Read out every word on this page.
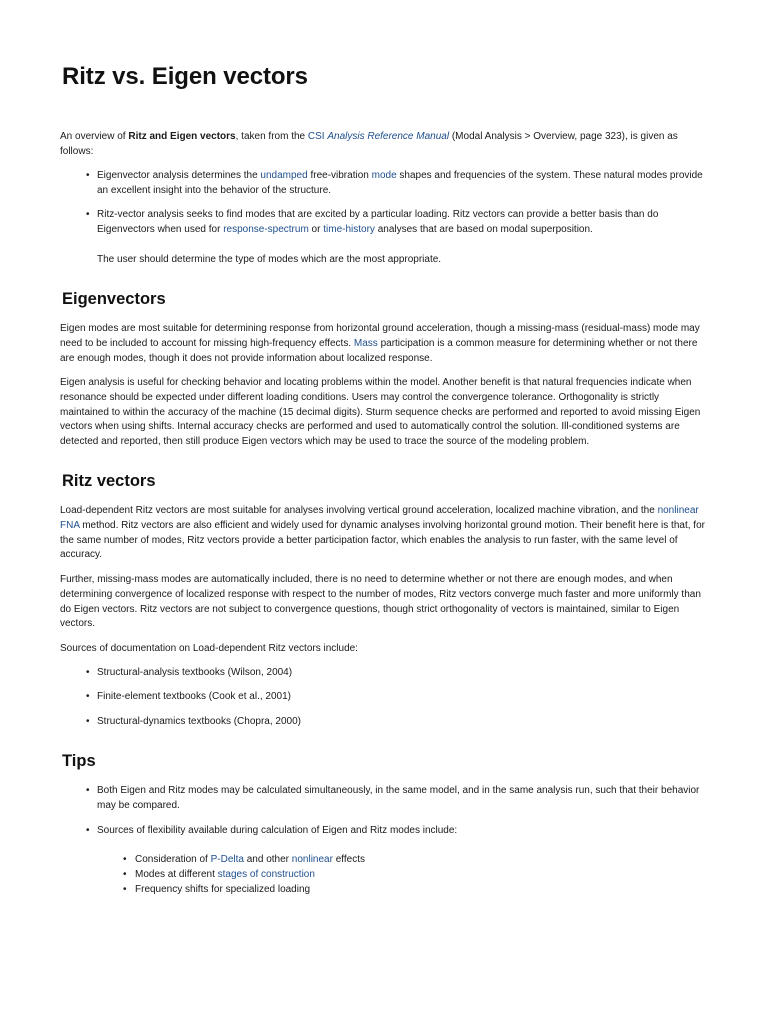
Ritz vs. Eigen vectors

An overview of Ritz and Eigen vectors, taken from the CSI Analysis Reference Manual (Modal Analysis > Overview, page 323), is given as follows:

• Eigenvector analysis determines the undamped free-vibration mode shapes and frequencies of the system. These natural modes provide an excellent insight into the behavior of the structure.

• Ritz-vector analysis seeks to find modes that are excited by a particular loading. Ritz vectors can provide a better basis than do Eigenvectors when used for response-spectrum or time-history analyses that are based on modal superposition.

The user should determine the type of modes which are the most appropriate.

Eigenvectors

Eigen modes are most suitable for determining response from horizontal ground acceleration, though a missing-mass (residual-mass) mode may need to be included to account for missing high-frequency effects. Mass participation is a common measure for determining whether or not there are enough modes, though it does not provide information about localized response.

Eigen analysis is useful for checking behavior and locating problems within the model. Another benefit is that natural frequencies indicate when resonance should be expected under different loading conditions. Users may control the convergence tolerance. Orthogonality is strictly maintained to within the accuracy of the machine (15 decimal digits). Sturm sequence checks are performed and reported to avoid missing Eigen vectors when using shifts. Internal accuracy checks are performed and used to automatically control the solution. Ill-conditioned systems are detected and reported, then still produce Eigen vectors which may be used to trace the source of the modeling problem.

Ritz vectors

Load-dependent Ritz vectors are most suitable for analyses involving vertical ground acceleration, localized machine vibration, and the nonlinear FNA method. Ritz vectors are also efficient and widely used for dynamic analyses involving horizontal ground motion. Their benefit here is that, for the same number of modes, Ritz vectors provide a better participation factor, which enables the analysis to run faster, with the same level of accuracy.

Further, missing-mass modes are automatically included, there is no need to determine whether or not there are enough modes, and when determining convergence of localized response with respect to the number of modes, Ritz vectors converge much faster and more uniformly than do Eigen vectors. Ritz vectors are not subject to convergence questions, though strict orthogonality of vectors is maintained, similar to Eigen vectors.

Sources of documentation on Load-dependent Ritz vectors include:

• Structural-analysis textbooks (Wilson, 2004)

• Finite-element textbooks (Cook et al., 2001)

• Structural-dynamics textbooks (Chopra, 2000)

Tips

• Both Eigen and Ritz modes may be calculated simultaneously, in the same model, and in the same analysis run, such that their behavior may be compared.

• Sources of flexibility available during calculation of Eigen and Ritz modes include:

• Consideration of P-Delta and other nonlinear effects

• Modes at different stages of construction

• Frequency shifts for specialized loading
